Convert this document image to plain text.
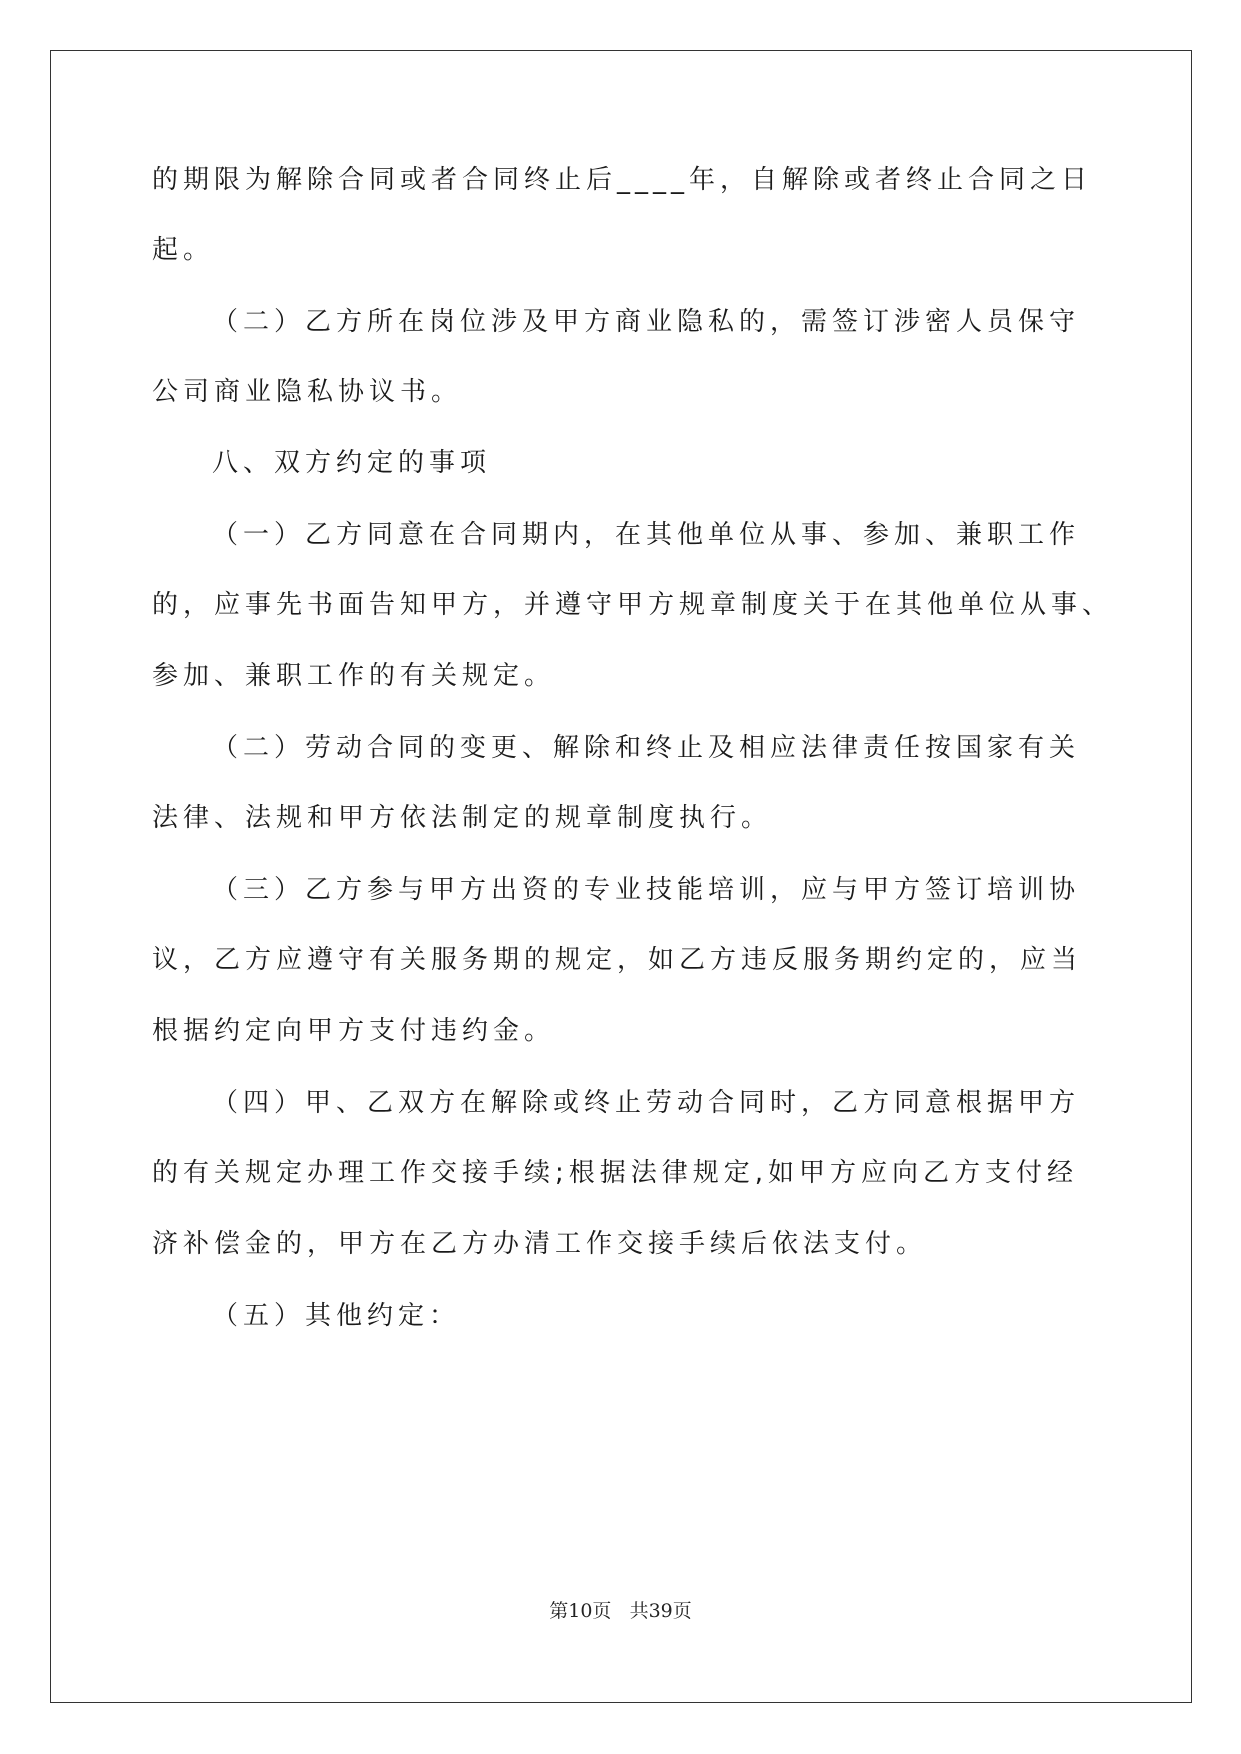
的期限为解除合同或者合同终止后____年，自解除或者终止合同之日
起。
（二）乙方所在岗位涉及甲方商业隐私的，需签订涉密人员保守
公司商业隐私协议书。
八、双方约定的事项
（一）乙方同意在合同期内，在其他单位从事、参加、兼职工作
的，应事先书面告知甲方，并遵守甲方规章制度关于在其他单位从事、
参加、兼职工作的有关规定。
（二）劳动合同的变更、解除和终止及相应法律责任按国家有关
法律、法规和甲方依法制定的规章制度执行。
（三）乙方参与甲方出资的专业技能培训，应与甲方签订培训协
议，乙方应遵守有关服务期的规定，如乙方违反服务期约定的，应当
根据约定向甲方支付违约金。
（四）甲、乙双方在解除或终止劳动合同时，乙方同意根据甲方
的有关规定办理工作交接手续;根据法律规定,如甲方应向乙方支付经
济补偿金的，甲方在乙方办清工作交接手续后依法支付。
（五）其他约定：
第10页 共39页
